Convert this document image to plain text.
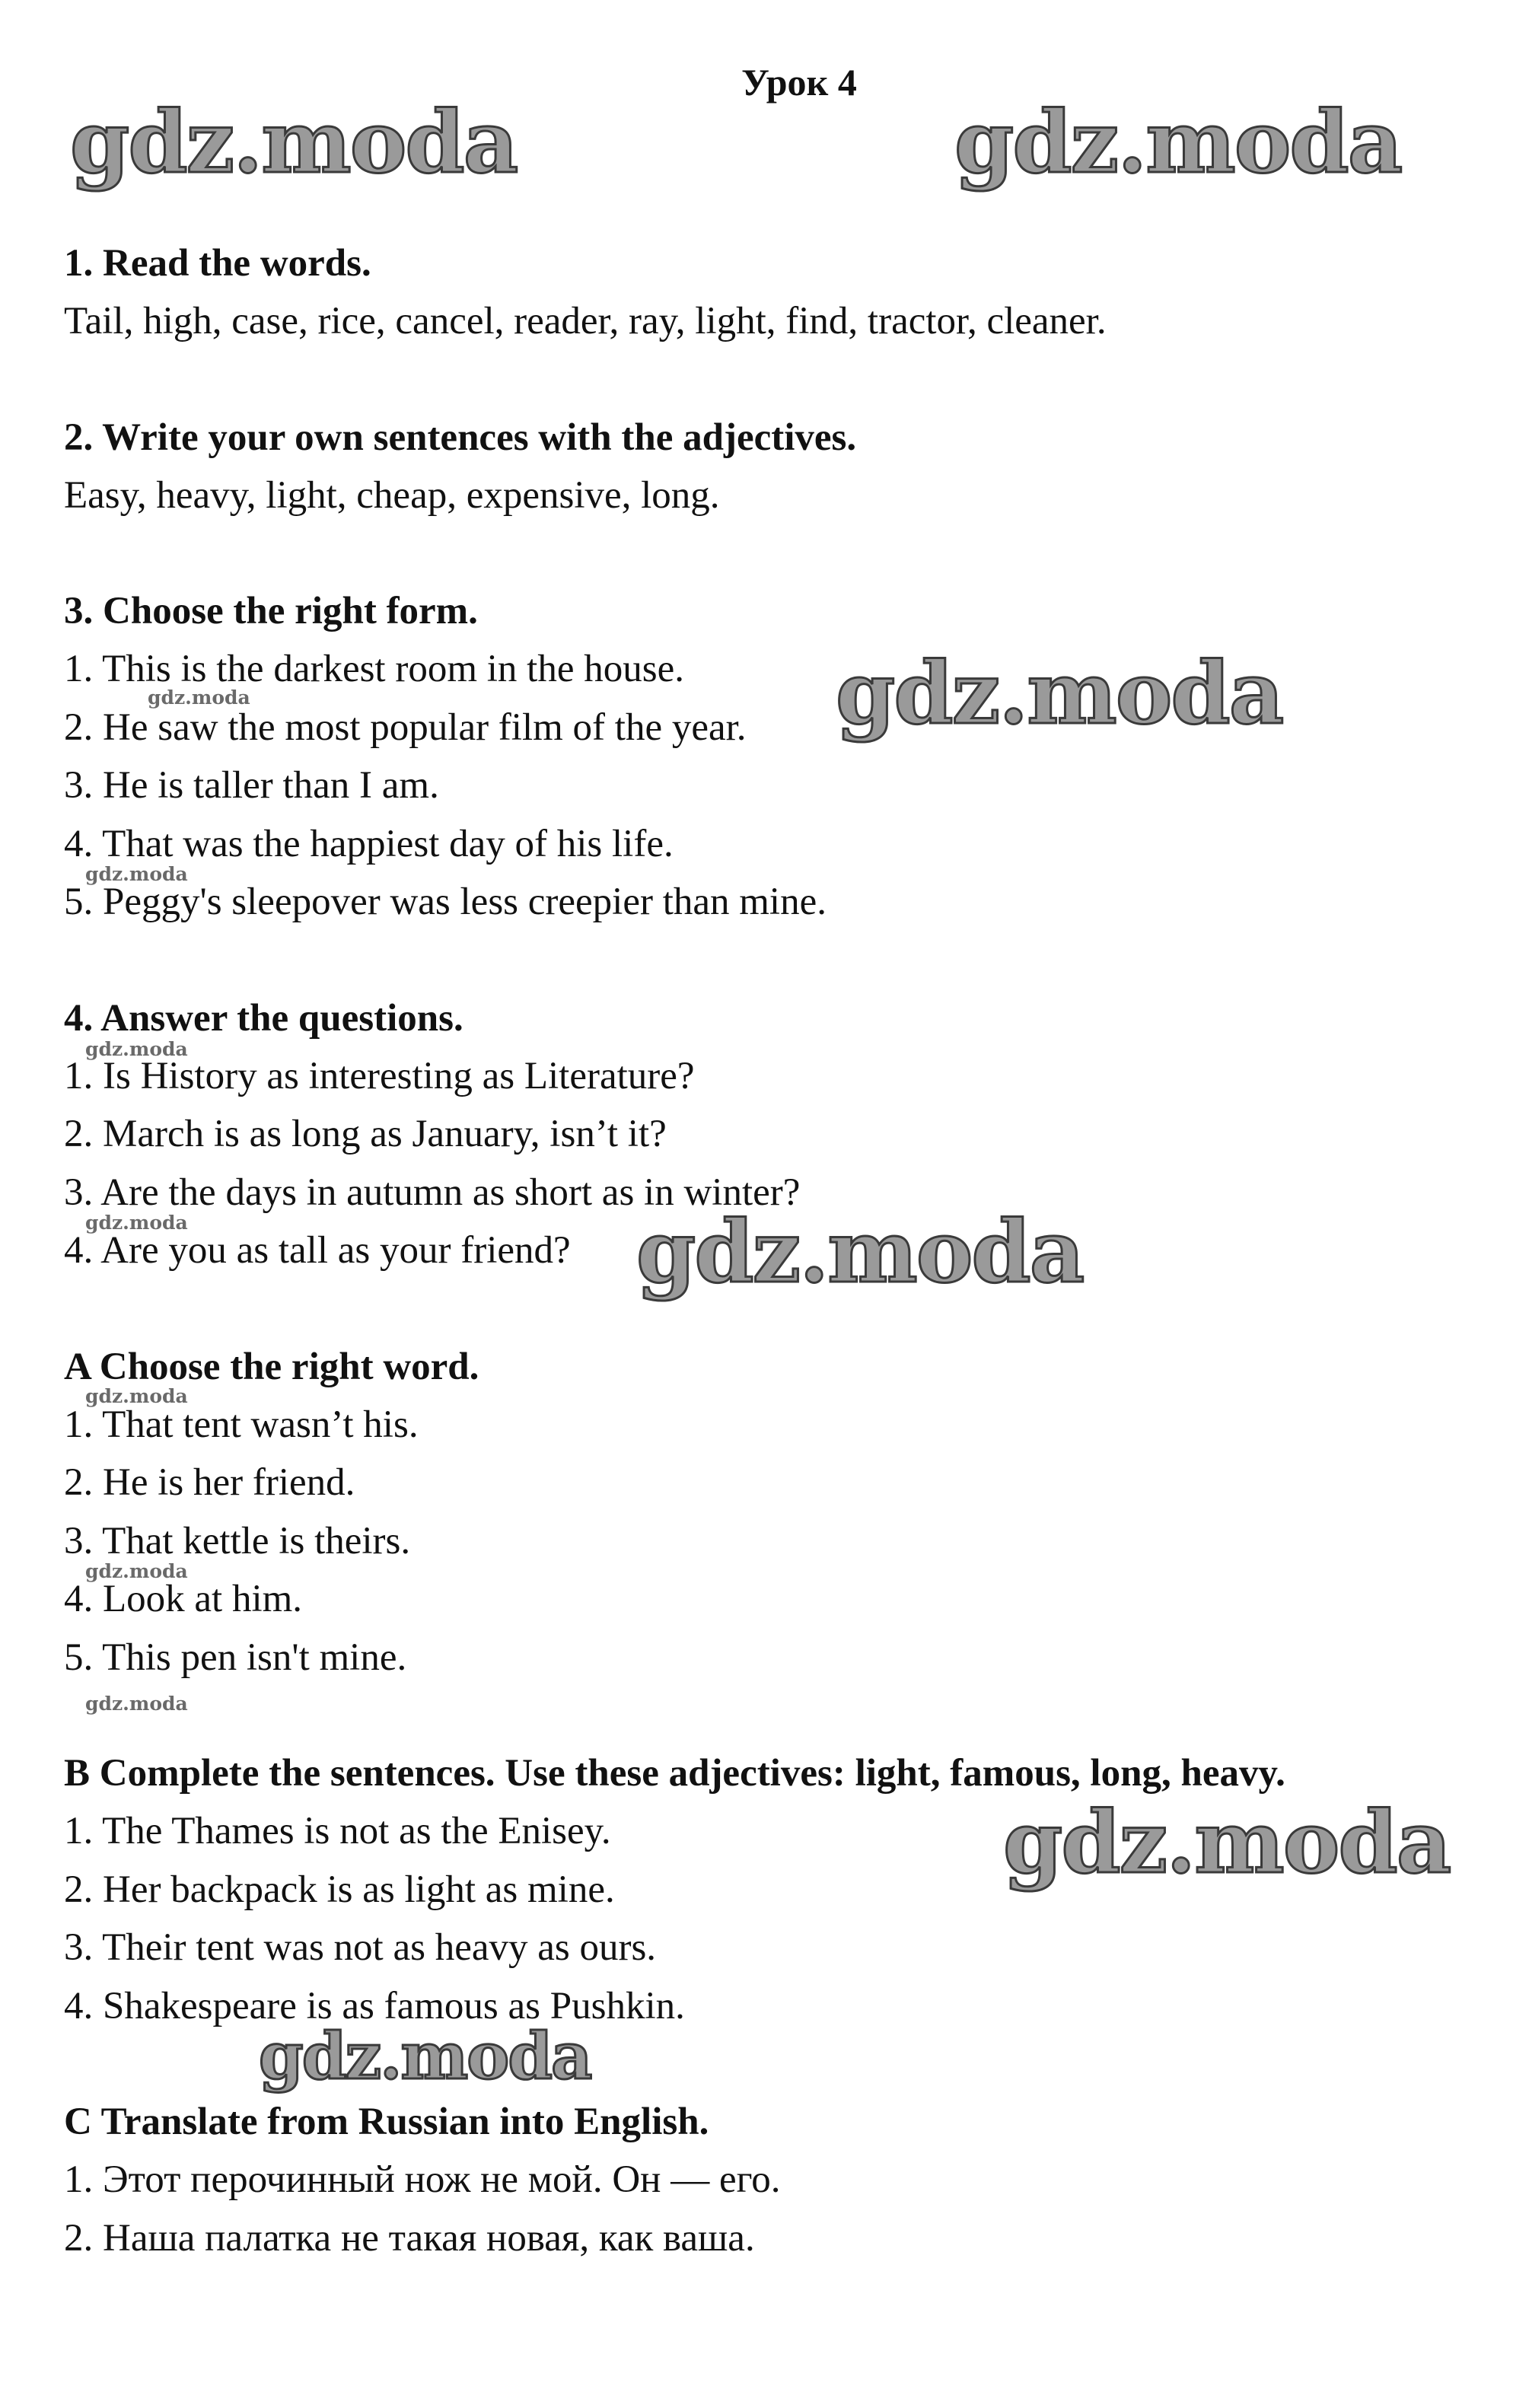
Урок 4
1. Read the words.
Tail, high, case, rice, cancel, reader, ray, light, find, tractor, cleaner.
2. Write your own sentences with the adjectives.
Easy, heavy, light, cheap, expensive, long.
3. Choose the right form.
1. This is the darkest room in the house.
2. He saw the most popular film of the year.
3. He is taller than I am.
4. That was the happiest day of his life.
5. Peggy's sleepover was less creepier than mine.
4. Answer the questions.
1. Is History as interesting as Literature?
2. March is as long as January, isn’t it?
3. Are the days in autumn as short as in winter?
4. Are you as tall as your friend?
A Choose the right word.
1. That tent wasn’t his.
2. He is her friend.
3. That kettle is theirs.
4. Look at him.
5. This pen isn't mine.
B Complete the sentences. Use these adjectives: light, famous, long, heavy.
1. The Thames is not as the Enisey.
2. Her backpack is as light as mine.
3. Their tent was not as heavy as ours.
4. Shakespeare is as famous as Pushkin.
C Translate from Russian into English.
1. Этот перочинный нож не мой. Он — его.
2. Наша палатка не такая новая, как ваша.
gdz.moda	gdz.moda
gdz.moda
gdz.moda
gdz.moda
gdz.moda
gdz.moda
gdz.moda
gdz.moda
gdz.moda
gdz.moda
gdz.moda
gdz.moda
